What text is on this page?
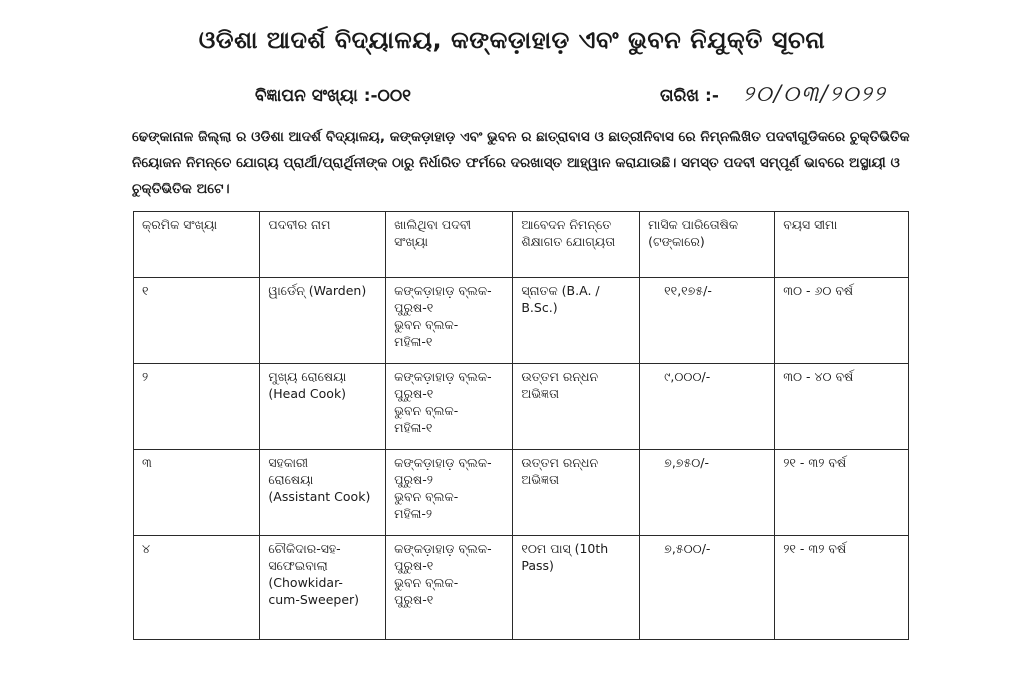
ଓଡିଶା ଆଦର୍ଶ ବିଦ୍ୟାଳୟ, କଙ୍କଡ଼ାହାଡ଼ ଏବଂ ଭୁବନ ନିଯୁକ୍ତି ସୂଚନା
ବିଜ୍ଞାପନ ସଂଖ୍ୟା :-୦୦୧	ତାରିଖ :- ୨୦/୦୩/୨୦୨୨
ଢେଙ୍କାନାଳ ଜିଲ୍ଲା ର ଓଡିଶା ଆଦର୍ଶ ବିଦ୍ୟାଳୟ, କଙ୍କଡ଼ାହାଡ଼ ଏବଂ ଭୁବନ ର ଛାତ୍ରାବାସ ଓ ଛାତ୍ରୀନିବାସ ରେ ନିମ୍ନଲିଖିତ ପଦବୀଗୁଡିକରେ ଚୁକ୍ତିଭିତିକ
ନିୟୋଜନ ନିମନ୍ତେ ଯୋଗ୍ୟ ପ୍ରାର୍ଥୀ/ପ୍ରାର୍ଥିନୀଙ୍କ ଠାରୁ ନିର୍ଧାରିତ ଫର୍ମରେ ଦରଖାସ୍ତ ଆହ୍ୱାନ କରାଯାଉଛି। ସମସ୍ତ ପଦବୀ ସମ୍ପୂର୍ଣ ଭାବରେ ଅସ୍ଥାୟୀ ଓ
ଚୁକ୍ତିଭିତିକ ଅଟେ।
କ୍ରମିକ ସଂଖ୍ୟା	ପଦବୀର ନାମ	ଖାଲିଥିବା ପଦବୀ ସଂଖ୍ୟା	ଆବେଦନ ନିମନ୍ତେ ଶିକ୍ଷାଗତ ଯୋଗ୍ୟତା	ମାସିକ ପାରିତୋଷିକ (ଟଙ୍କାରେ)	ବୟସ ସୀମା
୧	ୱାର୍ଡେନ୍ (Warden)	କଙ୍କଡ଼ାହାଡ଼ ବ୍ଲକ-
ପୁରୁଷ-୧
ଭୁବନ ବ୍ଲକ-
ମହିଳା-୧	ସ୍ନାତକ (B.A. /
B.Sc.)	୧୧,୧୭୫/-	୩୦ - ୬୦ ବର୍ଷ
୨	ମୁଖ୍ୟ ରୋଷେୟା
(Head Cook)	କଙ୍କଡ଼ାହାଡ଼ ବ୍ଲକ-
ପୁରୁଷ-୧
ଭୁବନ ବ୍ଲକ-
ମହିଳା-୧	ଉତ୍ତମ ରନ୍ଧନ
ଅଭିଜ୍ଞତା	୯,୦୦୦/-	୩୦ - ୪୦ ବର୍ଷ
୩	ସହକାରୀ
ରୋଷେୟା
(Assistant Cook)	କଙ୍କଡ଼ାହାଡ଼ ବ୍ଲକ-
ପୁରୁଷ-୨
ଭୁବନ ବ୍ଲକ-
ମହିଳା-୨	ଉତ୍ତମ ରନ୍ଧନ
ଅଭିଜ୍ଞତା	୭,୭୫୦/-	୨୧ - ୩୨ ବର୍ଷ
୪	ଚୌକିଦାର-ସହ-
ସଫେଇବାଲା
(Chowkidar-
cum-Sweeper)	କଙ୍କଡ଼ାହାଡ଼ ବ୍ଲକ-
ପୁରୁଷ-୧
ଭୁବନ ବ୍ଲକ-
ପୁରୁଷ-୧	୧୦ମ ପାସ୍ (10th
Pass)	୭,୫୦୦/-	୨୧ - ୩୨ ବର୍ଷ
